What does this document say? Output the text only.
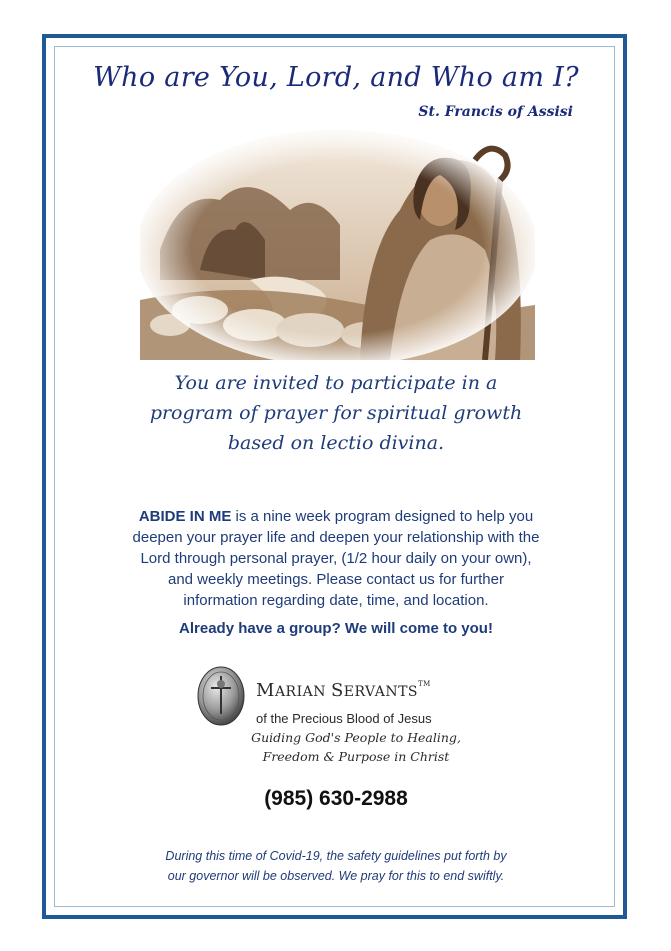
Who are You, Lord, and Who am I?
St. Francis of Assisi
You are invited to participate in a
program of prayer for spiritual growth
based on lectio divina.
ABIDE IN ME is a nine week program designed to help you
deepen your prayer life and deepen your relationship with the
Lord through personal prayer, (1/2 hour daily on your own),
and weekly meetings. Please contact us for further
information regarding date, time, and location.
Already have a group? We will come to you!
MARIAN SERVANTS™
of the Precious Blood of Jesus
Guiding God's People to Healing,
Freedom & Purpose in Christ
(985) 630-2988
During this time of Covid-19, the safety guidelines put forth by
our governor will be observed. We pray for this to end swiftly.
